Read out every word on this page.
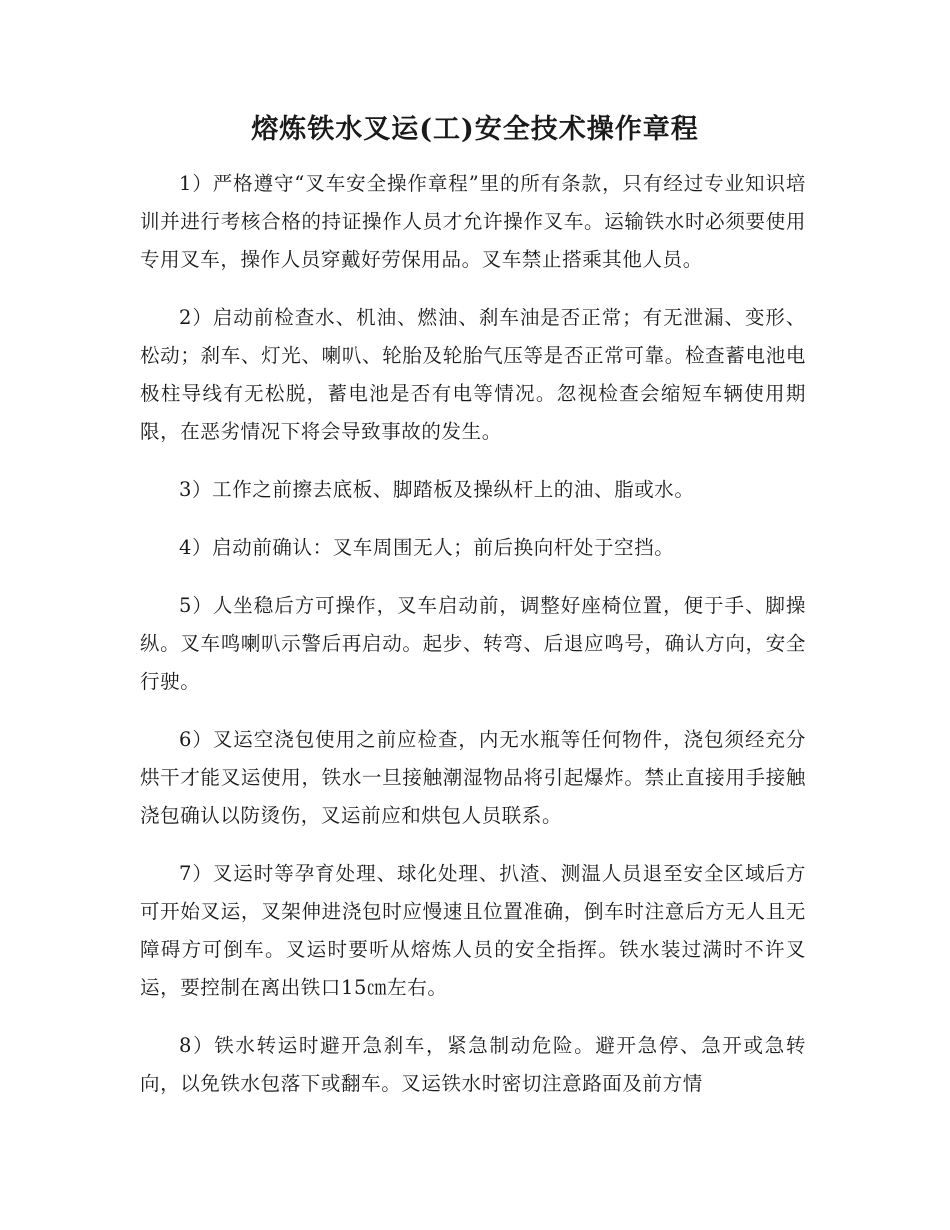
熔炼铁水叉运(工)安全技术操作章程

1）严格遵守“叉车安全操作章程”里的所有条款，只有经过专业知识培训并进行考核合格的持证操作人员才允许操作叉车。运输铁水时必须要使用专用叉车，操作人员穿戴好劳保用品。叉车禁止搭乘其他人员。

2）启动前检查水、机油、燃油、刹车油是否正常；有无泄漏、变形、松动；刹车、灯光、喇叭、轮胎及轮胎气压等是否正常可靠。检查蓄电池电极柱导线有无松脱，蓄电池是否有电等情况。忽视检查会缩短车辆使用期限，在恶劣情况下将会导致事故的发生。

3）工作之前擦去底板、脚踏板及操纵杆上的油、脂或水。

4）启动前确认：叉车周围无人；前后换向杆处于空挡。

5）人坐稳后方可操作，叉车启动前，调整好座椅位置，便于手、脚操纵。叉车鸣喇叭示警后再启动。起步、转弯、后退应鸣号，确认方向，安全行驶。

6）叉运空浇包使用之前应检查，内无水瓶等任何物件，浇包须经充分烘干才能叉运使用，铁水一旦接触潮湿物品将引起爆炸。禁止直接用手接触浇包确认以防烫伤，叉运前应和烘包人员联系。

7）叉运时等孕育处理、球化处理、扒渣、测温人员退至安全区域后方可开始叉运，叉架伸进浇包时应慢速且位置准确，倒车时注意后方无人且无障碍方可倒车。叉运时要听从熔炼人员的安全指挥。铁水装过满时不许叉运，要控制在离出铁口15㎝左右。

8）铁水转运时避开急刹车，紧急制动危险。避开急停、急开或急转向，以免铁水包落下或翻车。叉运铁水时密切注意路面及前方情
